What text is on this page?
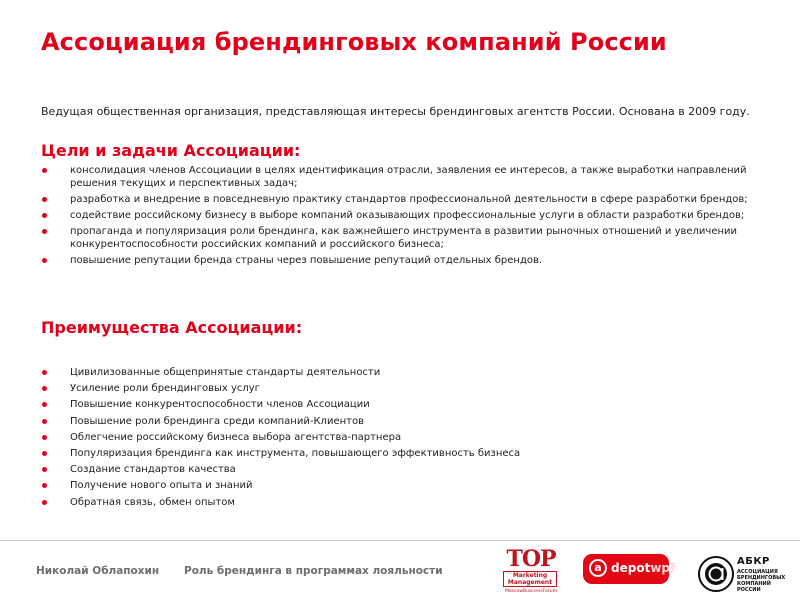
Ассоциация брендинговых компаний России

Ведущая общественная организация, представляющая интересы брендинговых агентств России. Основана в 2009 году.

Цели и задачи Ассоциации:
консолидация членов Ассоциации в целях идентификация отрасли, заявления ее интересов, а также выработки направлений решения текущих и перспективных задач;
разработка и внедрение в повседневную практику стандартов профессиональной деятельности в сфере разработки брендов;
содействие российскому бизнесу в выборе компаний оказывающих профессиональные услуги в области разработки брендов;
пропаганда и популяризация роли брендинга, как важнейшего инструмента в развитии рыночных отношений и увеличении конкурентоспособности российских компаний и российского бизнеса;
повышение репутации бренда страны через повышение репутаций отдельных брендов.
Преимущества Ассоциации:
Цивилизованные общепринятые стандарты деятельности
Усиление роли брендинговых услуг
Повышение конкурентоспособности членов Ассоциации
Повышение роли брендинга среди компаний-Клиентов
Облегчение российскому бизнеса выбора агентства-партнера
Популяризация брендинга как инструмента, повышающего эффективность бизнеса
Создание стандартов качества
Получение нового опыта и знаний
Обратная связь, обмен опытом
Николай Облапохин Роль брендинга в программах лояльности	TOP
Marketing
Management
MoscowBusinessForum
a depotwpf	АБКР
АССОЦИАЦИЯ БРЕНДИНГОВЫХ КОМПАНИЙ РОССИИ
